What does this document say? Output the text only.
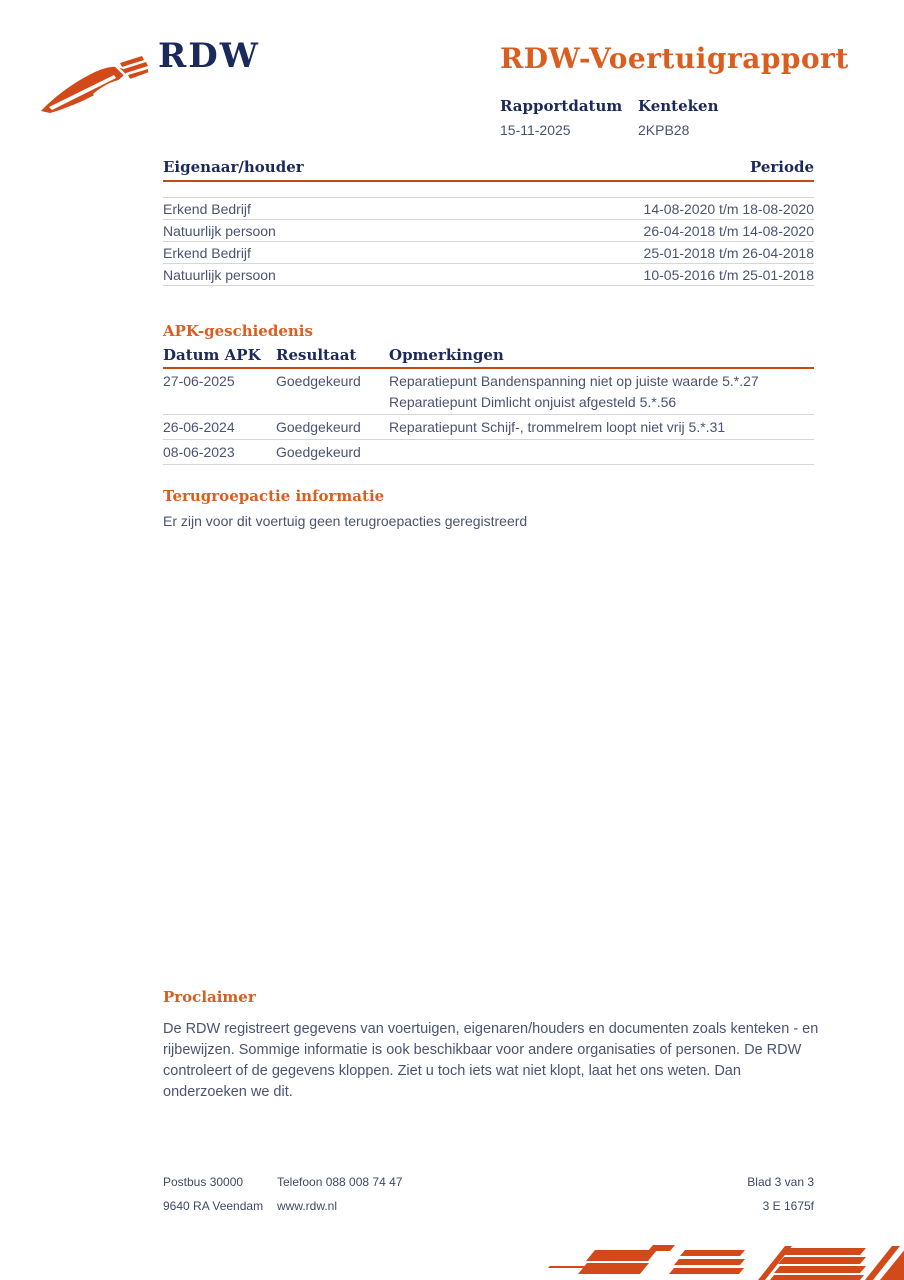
RDW	RDW-Voertuigrapport
Rapportdatum
15-11-2025
Kenteken
2KPB28
Eigenaar/houder	Periode
Erkend Bedrijf	14-08-2020 t/m 18-08-2020
Natuurlijk persoon	26-04-2018 t/m 14-08-2020
Erkend Bedrijf	25-01-2018 t/m 26-04-2018
Natuurlijk persoon	10-05-2016 t/m 25-01-2018
APK-geschiedenis
Datum APK	Resultaat	Opmerkingen
27-06-2025	Goedgekeurd	Reparatiepunt Bandenspanning niet op juiste waarde 5.*.27
Reparatiepunt Dimlicht onjuist afgesteld 5.*.56
26-06-2024	Goedgekeurd	Reparatiepunt Schijf-, trommelrem loopt niet vrij 5.*.31
08-06-2023	Goedgekeurd
Terugroepactie informatie
Er zijn voor dit voertuig geen terugroepacties geregistreerd
Proclaimer
De RDW registreert gegevens van voertuigen, eigenaren/houders en documenten zoals kenteken - en rijbewijzen. Sommige informatie is ook beschikbaar voor andere organisaties of personen. De RDW controleert of de gegevens kloppen. Ziet u toch iets wat niet klopt, laat het ons weten. Dan onderzoeken we dit.
Postbus 30000
9640 RA Veendam
Telefoon 088 008 74 47
www.rdw.nl
Blad 3 van 3
3 E 1675f
